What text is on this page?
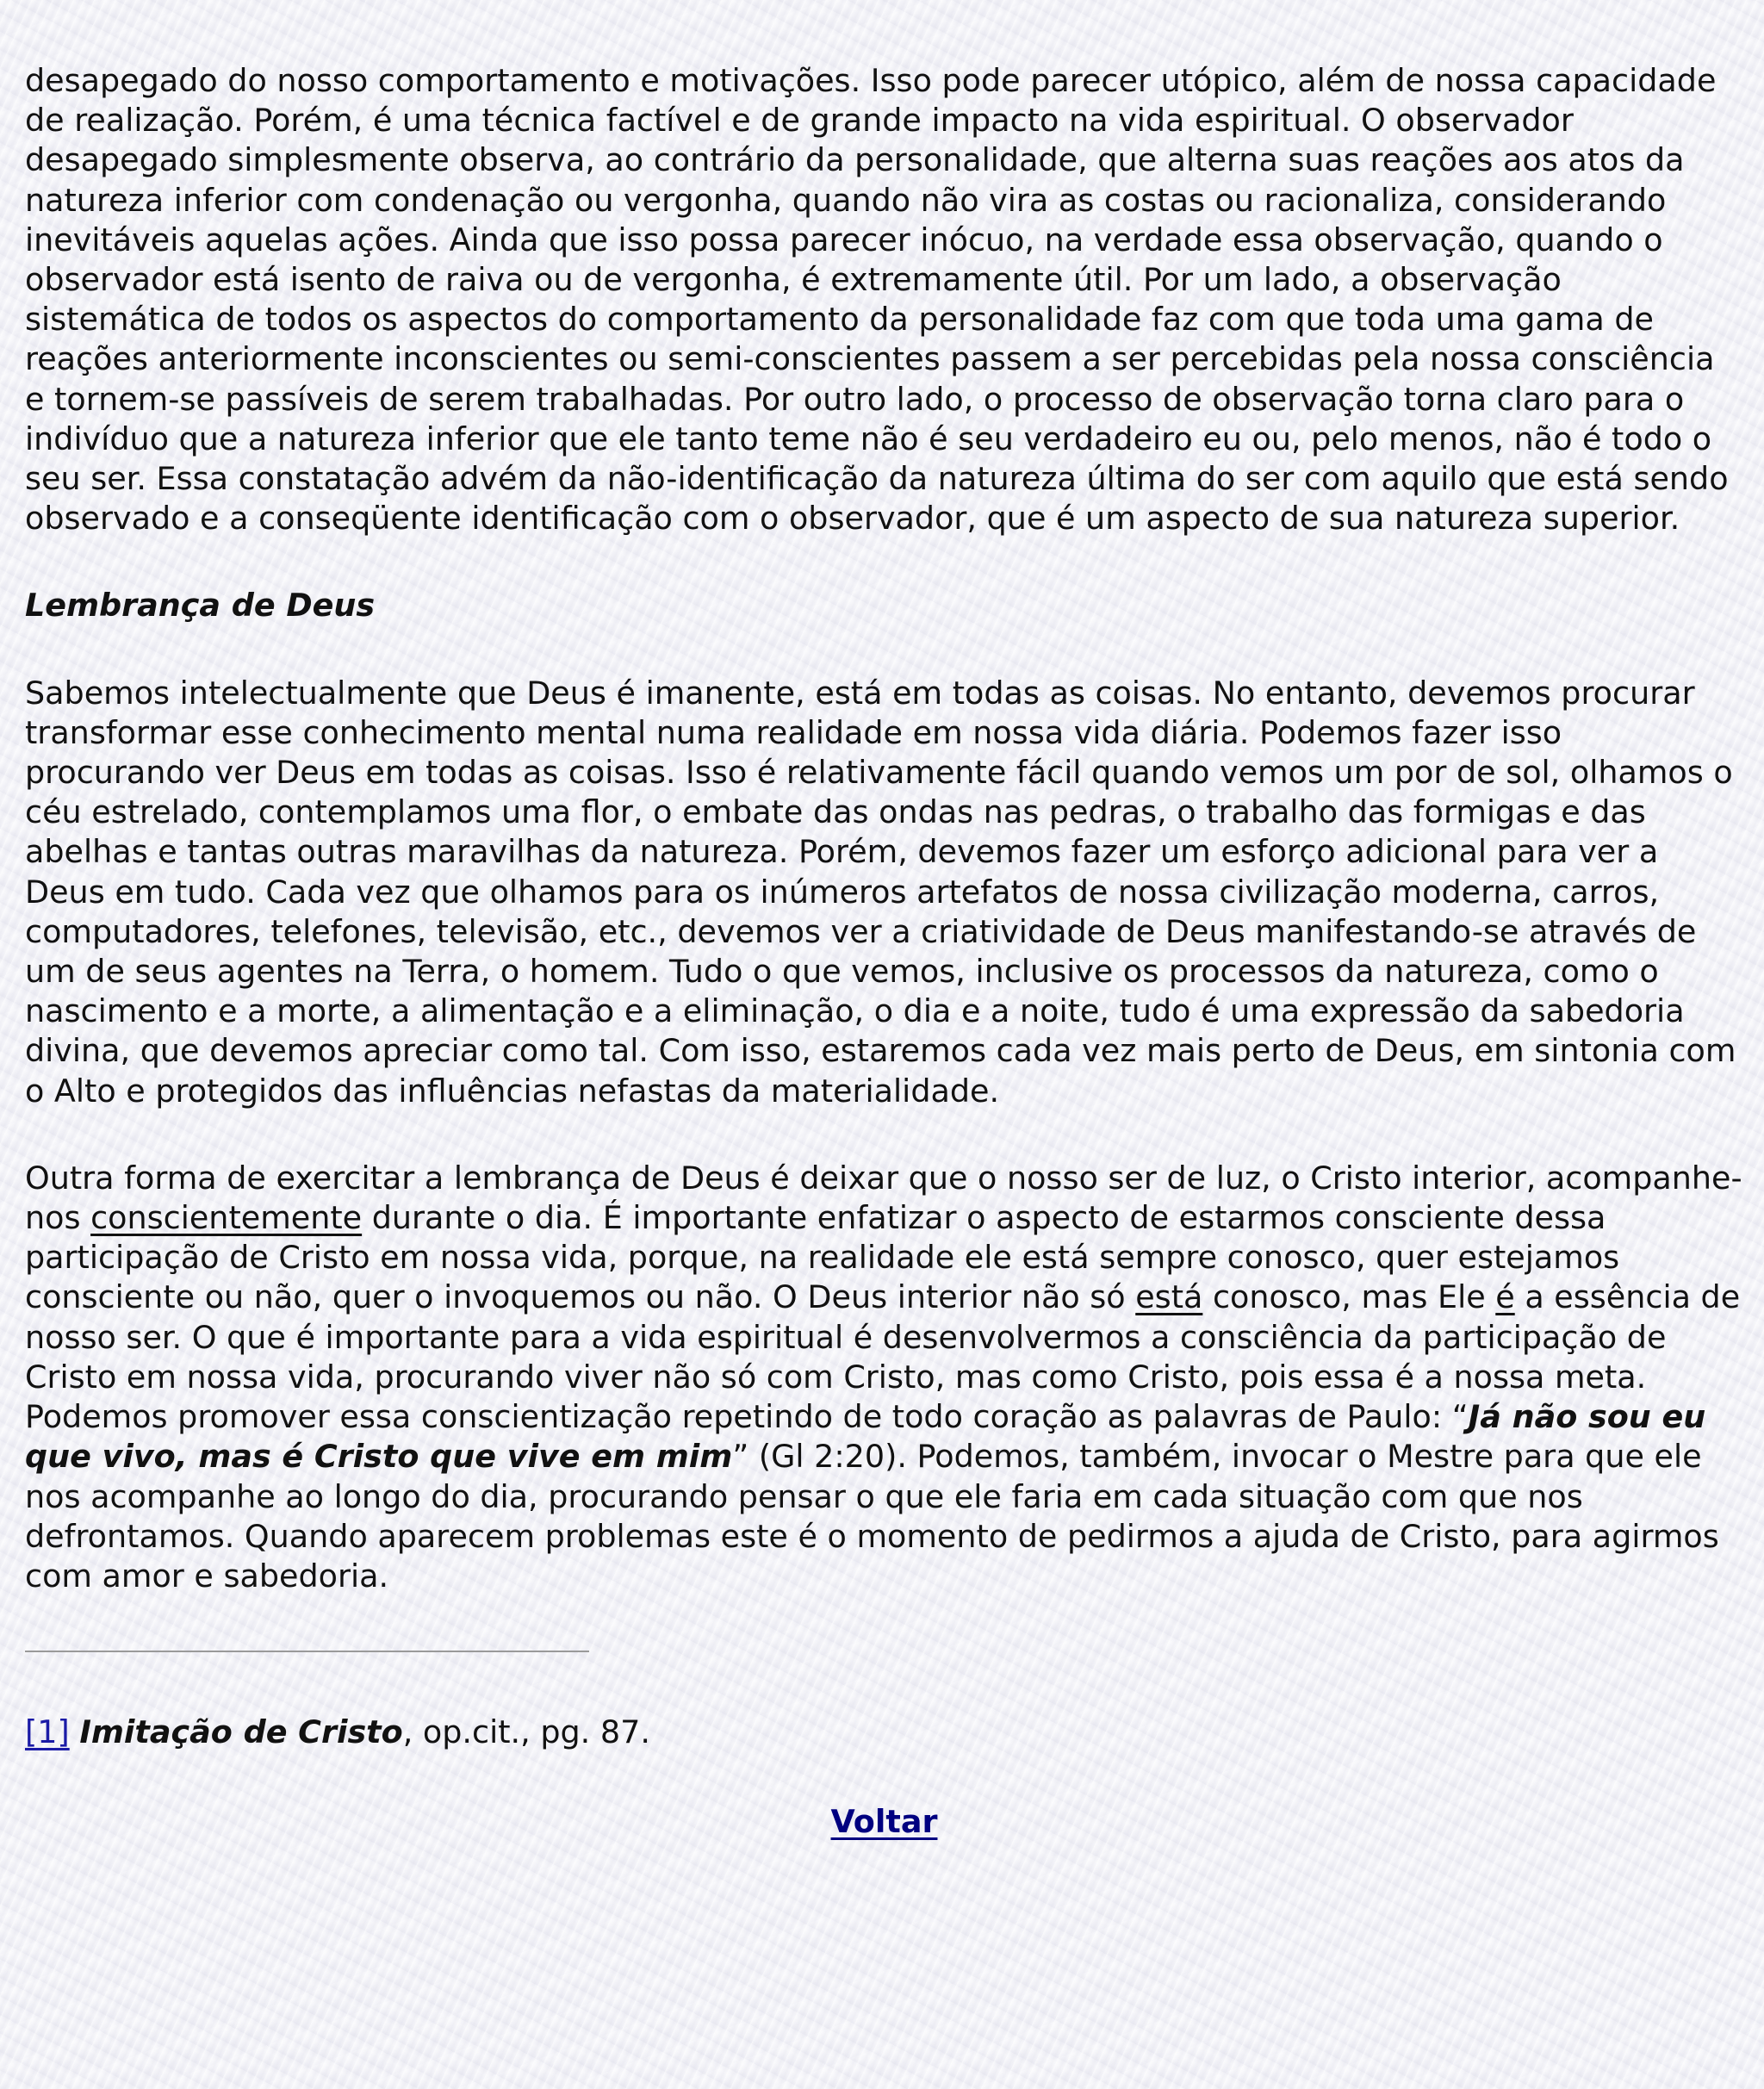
desapegado do nosso comportamento e motivações. Isso pode parecer utópico, além de nossa capacidade de realização. Porém, é uma técnica factível e de grande impacto na vida espiritual. O observador desapegado simplesmente observa, ao contrário da personalidade, que alterna suas reações aos atos da natureza inferior com condenação ou vergonha, quando não vira as costas ou racionaliza, considerando inevitáveis aquelas ações. Ainda que isso possa parecer inócuo, na verdade essa observação, quando o observador está isento de raiva ou de vergonha, é extremamente útil. Por um lado, a observação sistemática de todos os aspectos do comportamento da personalidade faz com que toda uma gama de reações anteriormente inconscientes ou semi-conscientes passem a ser percebidas pela nossa consciência e tornem-se passíveis de serem trabalhadas. Por outro lado, o processo de observação torna claro para o indivíduo que a natureza inferior que ele tanto teme não é seu verdadeiro eu ou, pelo menos, não é todo o seu ser. Essa constatação advém da não-identificação da natureza última do ser com aquilo que está sendo observado e a conseqüente identificação com o observador, que é um aspecto de sua natureza superior.

Lembrança de Deus

Sabemos intelectualmente que Deus é imanente, está em todas as coisas. No entanto, devemos procurar transformar esse conhecimento mental numa realidade em nossa vida diária. Podemos fazer isso procurando ver Deus em todas as coisas. Isso é relativamente fácil quando vemos um por de sol, olhamos o céu estrelado, contemplamos uma flor, o embate das ondas nas pedras, o trabalho das formigas e das abelhas e tantas outras maravilhas da natureza. Porém, devemos fazer um esforço adicional para ver a Deus em tudo. Cada vez que olhamos para os inúmeros artefatos de nossa civilização moderna, carros, computadores, telefones, televisão, etc., devemos ver a criatividade de Deus manifestando-se através de um de seus agentes na Terra, o homem. Tudo o que vemos, inclusive os processos da natureza, como o nascimento e a morte, a alimentação e a eliminação, o dia e a noite, tudo é uma expressão da sabedoria divina, que devemos apreciar como tal. Com isso, estaremos cada vez mais perto de Deus, em sintonia com o Alto e protegidos das influências nefastas da materialidade.

Outra forma de exercitar a lembrança de Deus é deixar que o nosso ser de luz, o Cristo interior, acompanhe-nos conscientemente durante o dia. É importante enfatizar o aspecto de estarmos consciente dessa participação de Cristo em nossa vida, porque, na realidade ele está sempre conosco, quer estejamos consciente ou não, quer o invoquemos ou não. O Deus interior não só está conosco, mas Ele é a essência de nosso ser. O que é importante para a vida espiritual é desenvolvermos a consciência da participação de Cristo em nossa vida, procurando viver não só com Cristo, mas como Cristo, pois essa é a nossa meta. Podemos promover essa conscientização repetindo de todo coração as palavras de Paulo: “Já não sou eu que vivo, mas é Cristo que vive em mim” (Gl 2:20). Podemos, também, invocar o Mestre para que ele nos acompanhe ao longo do dia, procurando pensar o que ele faria em cada situação com que nos defrontamos. Quando aparecem problemas este é o momento de pedirmos a ajuda de Cristo, para agirmos com amor e sabedoria.

[1] Imitação de Cristo, op.cit., pg. 87.

Voltar
